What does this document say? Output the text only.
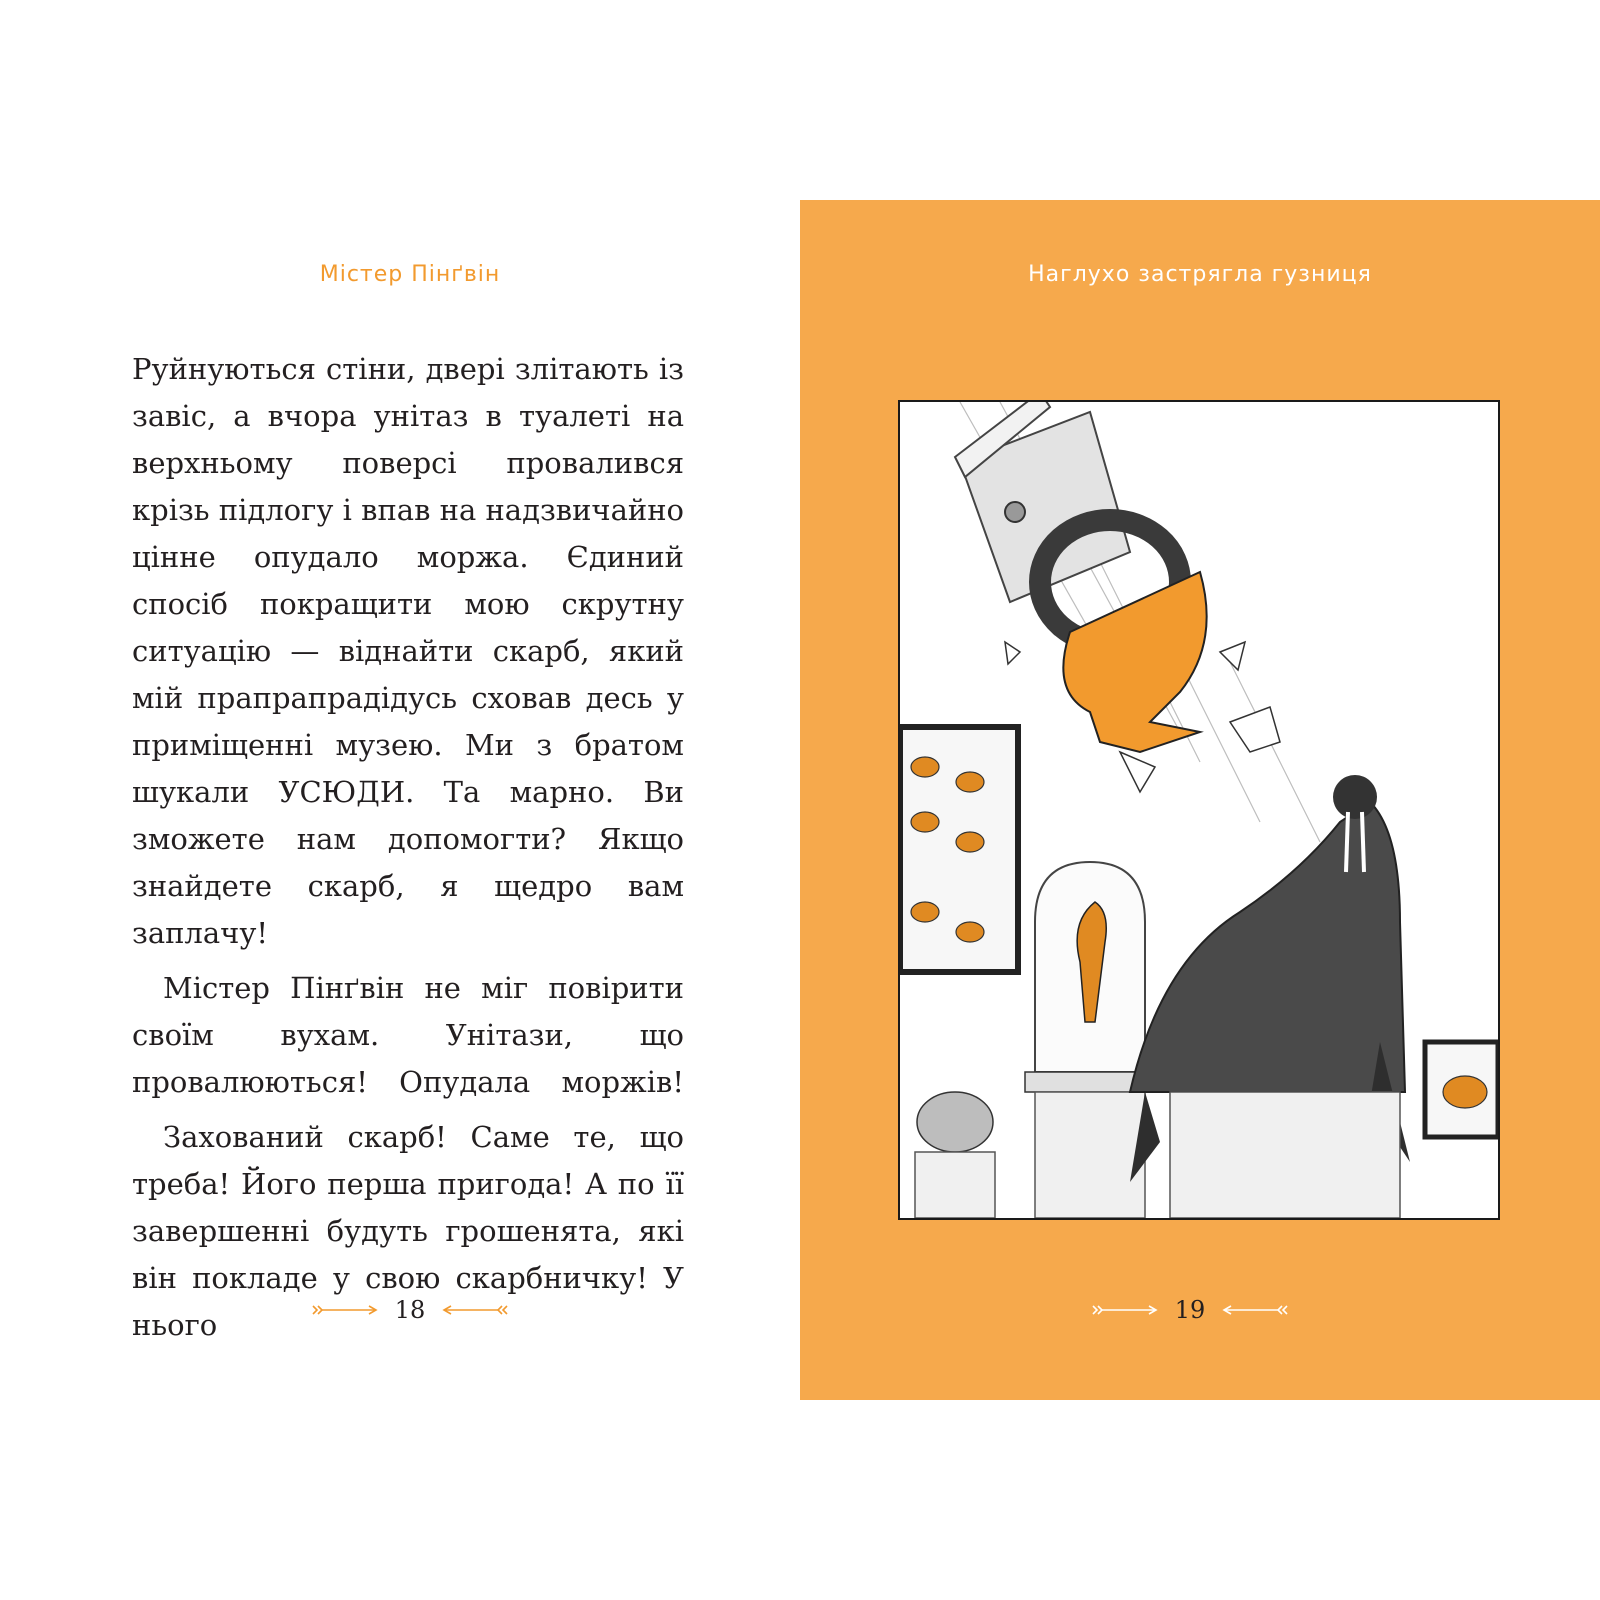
Містер Пінґвін

Руйнуються стіни, двері злітають із завіс, а вчора унітаз в туалеті на верхньому поверсі провалився крізь підлогу і впав на надзвичайно цінне опудало моржа. Єдиний спосіб покращити мою скрутну ситуацію — віднайти скарб, який мій прапрапрадідусь сховав десь у приміщенні музею. Ми з братом шукали УСЮДИ. Та марно. Ви зможете нам допомогти? Якщо знайдете скарб, я щедро вам заплачу!

Містер Пінґвін не міг повірити своїм вухам. Унітази, що провалюються! Опудала моржів!

Захований скарб! Саме те, що треба! Його перша пригода! А по її завершенні будуть грошенята, які він покладе у свою скарбничку! У нього	18
Наглухо застрягла гузниця
19
